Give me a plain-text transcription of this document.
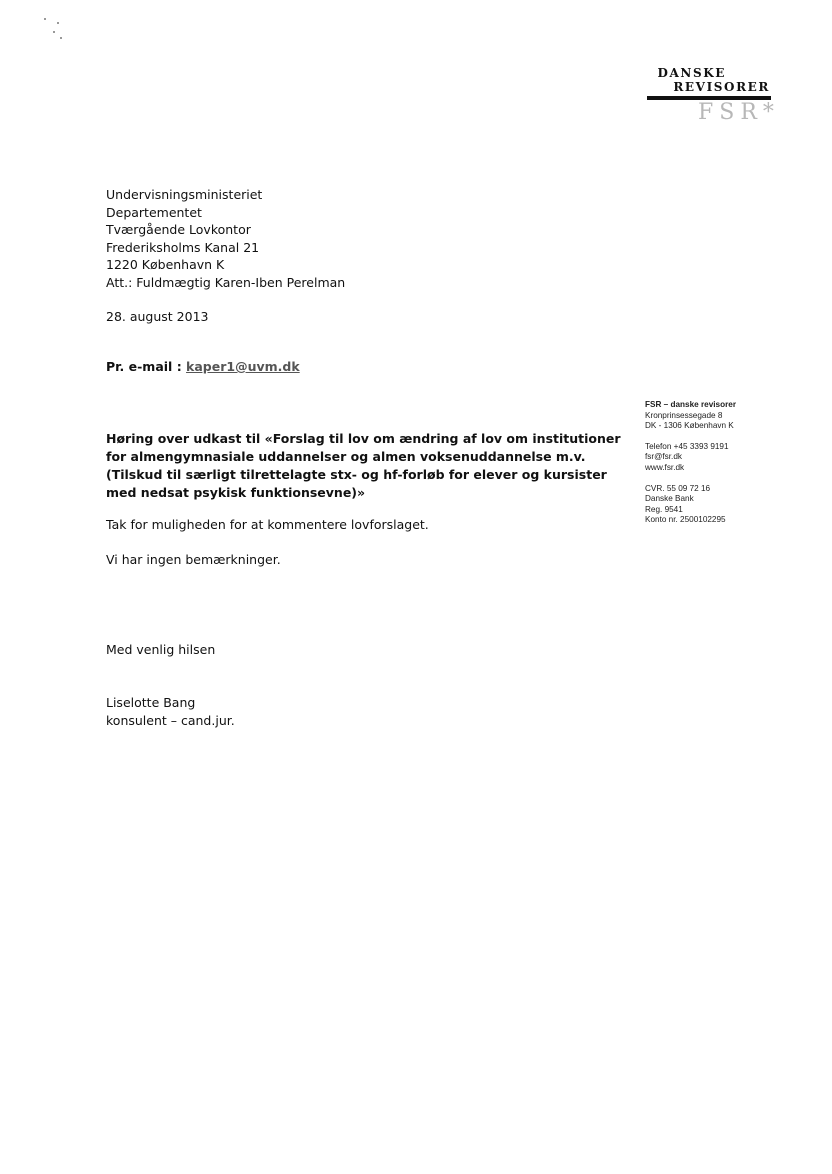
DANSKE
REVISORER
FSR*
Undervisningsministeriet
Departementet
Tværgående Lovkontor
Frederiksholms Kanal 21
1220 København K
Att.: Fuldmægtig Karen-Iben Perelman
28. august 2013
Pr. e-mail : kaper1@uvm.dk
FSR – danske revisorer
Kronprinsessegade 8
DK - 1306 København K
Telefon +45 3393 9191
fsr@fsr.dk
www.fsr.dk
CVR. 55 09 72 16
Danske Bank
Reg. 9541
Konto nr. 2500102295
Høring over udkast til «Forslag til lov om ændring af lov om institutioner
for almengymnasiale uddannelser og almen voksenuddannelse m.v.
(Tilskud til særligt tilrettelagte stx- og hf-forløb for elever og kursister
med nedsat psykisk funktionsevne)»
Tak for muligheden for at kommentere lovforslaget.
Vi har ingen bemærkninger.
Med venlig hilsen
Liselotte Bang
konsulent – cand.jur.
